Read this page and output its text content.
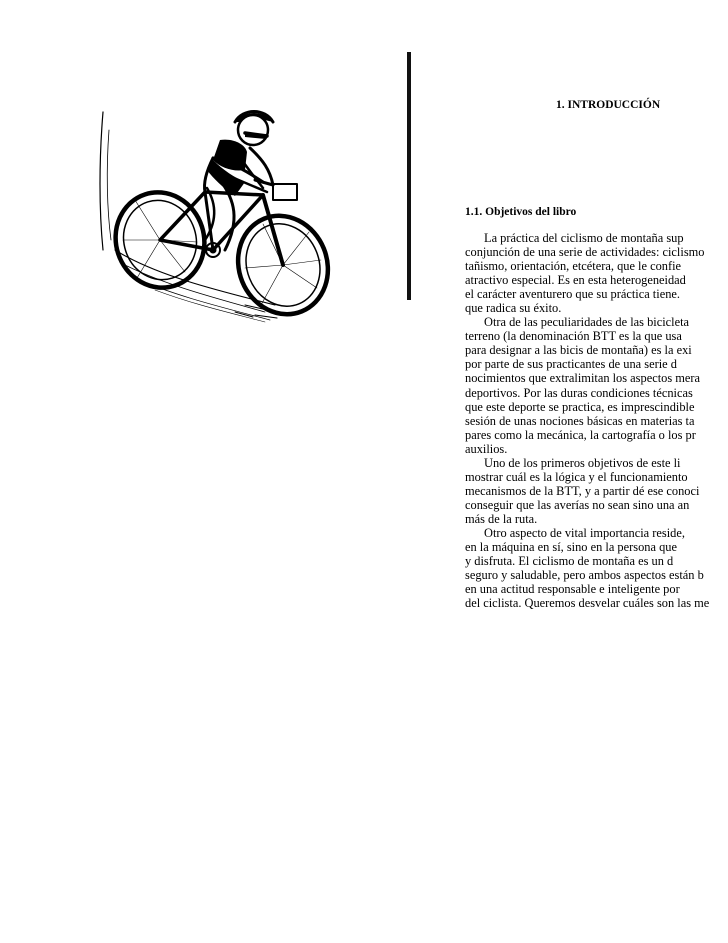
1. INTRODUCCIÓN
1.1. Objetivos del libro
La práctica del ciclismo de montaña sup
conjunción de una serie de actividades: ciclismo
tañismo, orientación, etcétera, que le confie
atractivo especial. Es en esta heterogeneidad
el carácter aventurero que su práctica tiene.
que radica su éxito.
Otra de las peculiaridades de las bicicleta
terreno (la denominación BTT es la que usa
para designar a las bicis de montaña) es la exi
por parte de sus practicantes de una serie d
nocimientos que extralimitan los aspectos mera
deportivos. Por las duras condiciones técnicas
que este deporte se practica, es imprescindible
sesión de unas nociones básicas en materias ta
pares como la mecánica, la cartografía o los pr
auxilios.
Uno de los primeros objetivos de este li
mostrar cuál es la lógica y el funcionamiento
mecanismos de la BTT, y a partir dé ese conoci
conseguir que las averías no sean sino una an
más de la ruta.
Otro aspecto de vital importancia reside,
en la máquina en sí, sino en la persona que
y disfruta. El ciclismo de montaña es un d
seguro y saludable, pero ambos aspectos están b
en una actitud responsable e inteligente por
del ciclista. Queremos desvelar cuáles son las me
